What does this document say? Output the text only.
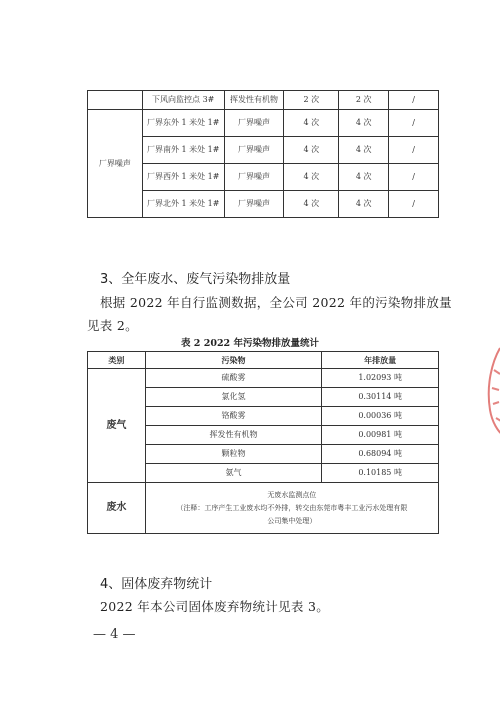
	下风向监控点 3#	挥发性有机物	2 次	2 次	/
厂界噪声	厂界东外 1 米处 1#	厂界噪声	4 次	4 次	/
	厂界南外 1 米处 1#	厂界噪声	4 次	4 次	/
	厂界西外 1 米处 1#	厂界噪声	4 次	4 次	/
	厂界北外 1 米处 1#	厂界噪声	4 次	4 次	/
3、全年废水、废气污染物排放量
根据 2022 年自行监测数据，全公司 2022 年的污染物排放量
见表 2。
表 2 2022 年污染物排放量统计
类别	污染物	年排放量
废气	硫酸雾	1.02093 吨
	氯化氢	0.30114 吨
	铬酸雾	0.00036 吨
	挥发性有机物	0.00981 吨
	颗粒物	0.68094 吨
	氨气	0.10185 吨
废水	无废水监测点位
（注释：工序产生工业废水均不外排，转交由东莞市粤丰工业污水处理有限
公司集中处理）	
4、固体废弃物统计
2022 年本公司固体废弃物统计见表 3。
— 4 —
